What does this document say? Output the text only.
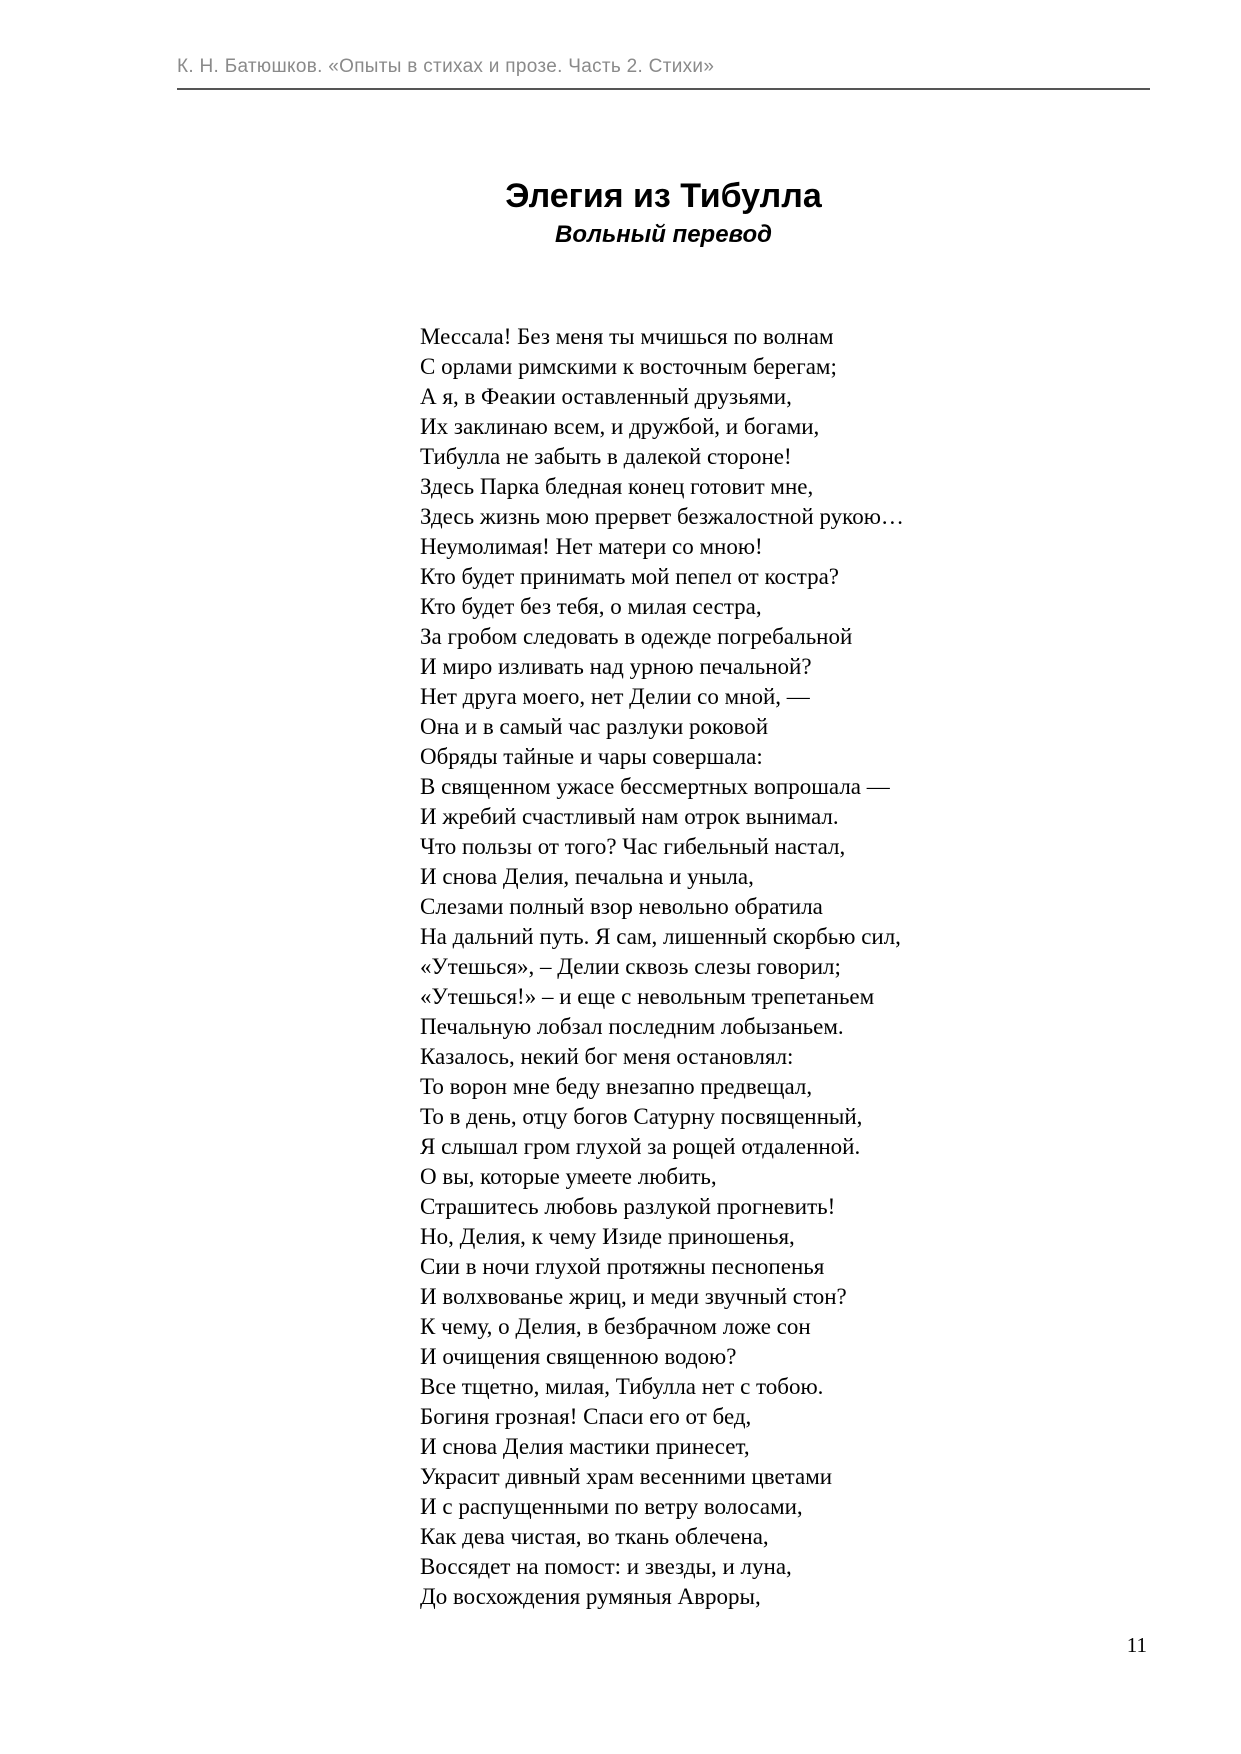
К. Н. Батюшков. «Опыты в стихах и прозе. Часть 2. Стихи»
Элегия из Тибулла
Вольный перевод
Мессала! Без меня ты мчишься по волнам
С орлами римскими к восточным берегам;
А я, в Феакии оставленный друзьями,
Их заклинаю всем, и дружбой, и богами,
Тибулла не забыть в далекой стороне!
Здесь Парка бледная конец готовит мне,
Здесь жизнь мою прервет безжалостной рукою…
Неумолимая! Нет матери со мною!
Кто будет принимать мой пепел от костра?
Кто будет без тебя, о милая сестра,
За гробом следовать в одежде погребальной
И миро изливать над урною печальной?
Нет друга моего, нет Делии со мной, —
Она и в самый час разлуки роковой
Обряды тайные и чары совершала:
В священном ужасе бессмертных вопрошала —
И жребий счастливый нам отрок вынимал.
Что пользы от того? Час гибельный настал,
И снова Делия, печальна и уныла,
Слезами полный взор невольно обратила
На дальний путь. Я сам, лишенный скорбью сил,
«Утешься», – Делии сквозь слезы говорил;
«Утешься!» – и еще с невольным трепетаньем
Печальную лобзал последним лобызаньем.
Казалось, некий бог меня остановлял:
То ворон мне беду внезапно предвещал,
То в день, отцу богов Сатурну посвященный,
Я слышал гром глухой за рощей отдаленной.
О вы, которые умеете любить,
Страшитесь любовь разлукой прогневить!
Но, Делия, к чему Изиде приношенья,
Сии в ночи глухой протяжны песнопенья
И волхвованье жриц, и меди звучный стон?
К чему, о Делия, в безбрачном ложе сон
И очищения священною водою?
Все тщетно, милая, Тибулла нет с тобою.
Богиня грозная! Спаси его от бед,
И снова Делия мастики принесет,
Украсит дивный храм весенними цветами
И с распущенными по ветру волосами,
Как дева чистая, во ткань облечена,
Воссядет на помост: и звезды, и луна,
До восхождения румяныя Авроры,
11
